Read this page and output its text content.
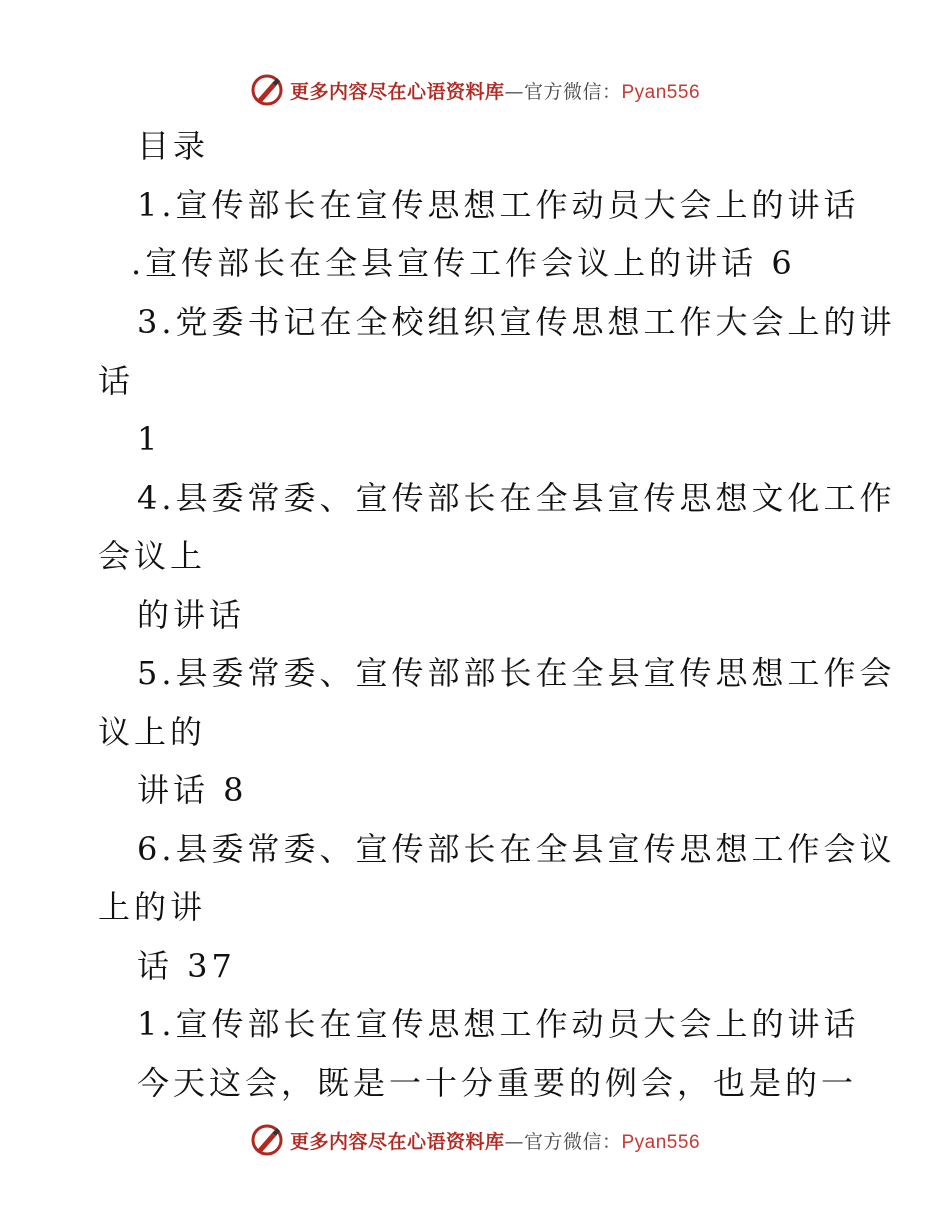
更多内容尽在心语资料库—官方微信：Pyan556
目录
1.宣传部长在宣传思想工作动员大会上的讲话
.宣传部长在全县宣传工作会议上的讲话 6
3.党委书记在全校组织宣传思想工作大会上的讲
话
1
4.县委常委、宣传部长在全县宣传思想文化工作
会议上
的讲话
5.县委常委、宣传部部长在全县宣传思想工作会
议上的
讲话 8
6.县委常委、宣传部长在全县宣传思想工作会议
上的讲
话 37
1.宣传部长在宣传思想工作动员大会上的讲话
今天这会，既是一十分重要的例会，也是的一
更多内容尽在心语资料库—官方微信：Pyan556
